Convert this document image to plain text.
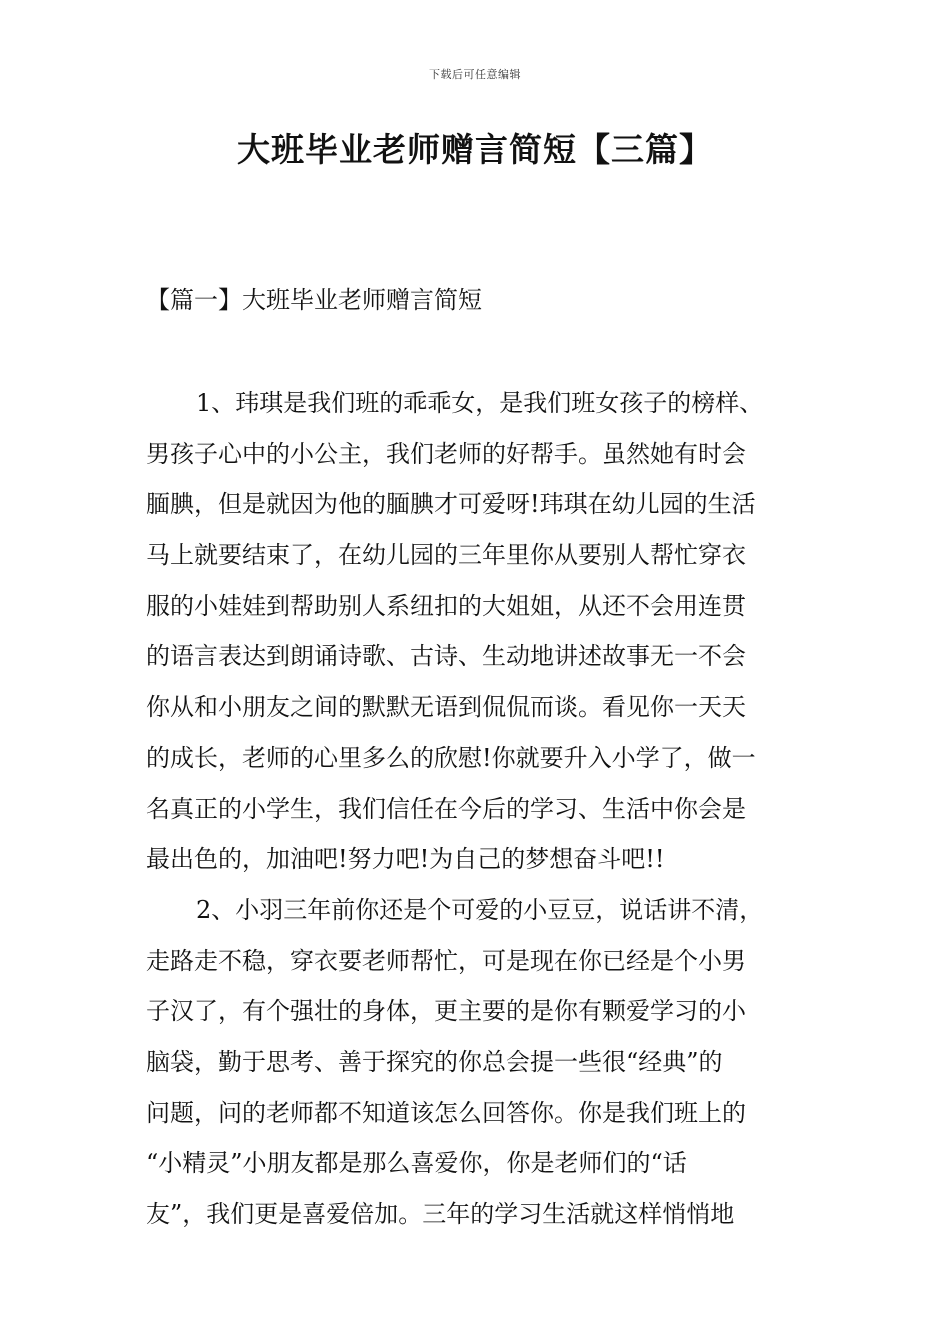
下载后可任意编辑
大班毕业老师赠言简短【三篇】
【篇一】大班毕业老师赠言简短
1、玮琪是我们班的乖乖女，是我们班女孩子的榜样、
男孩子心中的小公主，我们老师的好帮手。虽然她有时会
腼腆，但是就因为他的腼腆才可爱呀!玮琪在幼儿园的生活
马上就要结束了，在幼儿园的三年里你从要别人帮忙穿衣
服的小娃娃到帮助别人系纽扣的大姐姐，从还不会用连贯
的语言表达到朗诵诗歌、古诗、生动地讲述故事无一不会
你从和小朋友之间的默默无语到侃侃而谈。看见你一天天
的成长，老师的心里多么的欣慰!你就要升入小学了，做一
名真正的小学生，我们信任在今后的学习、生活中你会是
最出色的，加油吧!努力吧!为自己的梦想奋斗吧!!
2、小羽三年前你还是个可爱的小豆豆，说话讲不清，
走路走不稳，穿衣要老师帮忙，可是现在你已经是个小男
子汉了，有个强壮的身体，更主要的是你有颗爱学习的小
脑袋，勤于思考、善于探究的你总会提一些很“经典”的
问题，问的老师都不知道该怎么回答你。你是我们班上的
“小精灵”小朋友都是那么喜爱你，你是老师们的“话
友”，我们更是喜爱倍加。三年的学习生活就这样悄悄地
